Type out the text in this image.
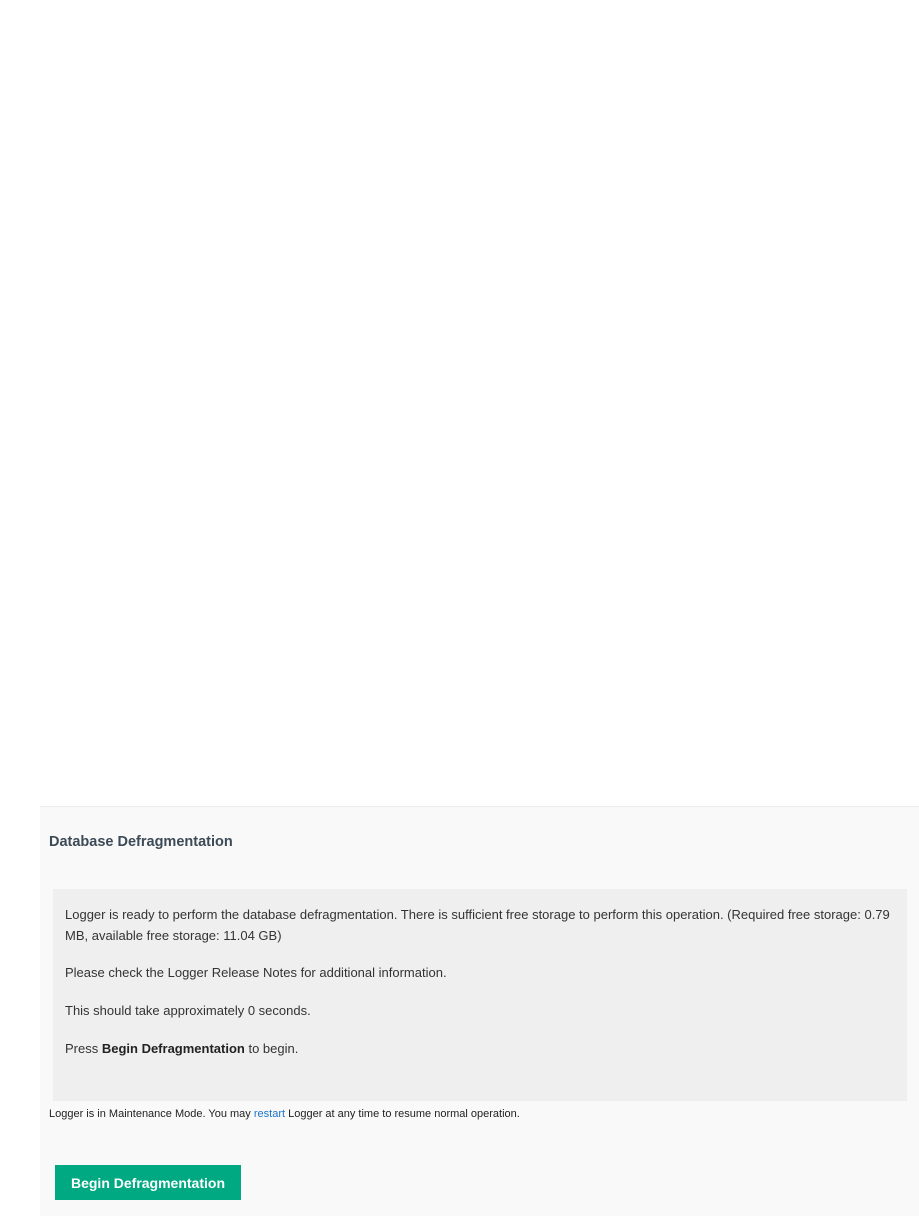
Database Defragmentation

Logger is ready to perform the database defragmentation. There is sufficient free storage to perform this operation. (Required free storage: 0.79 MB, available free storage: 11.04 GB)

Please check the Logger Release Notes for additional information.

This should take approximately 0 seconds.

Press Begin Defragmentation to begin.

Logger is in Maintenance Mode. You may restart Logger at any time to resume normal operation.
Begin Defragmentation
